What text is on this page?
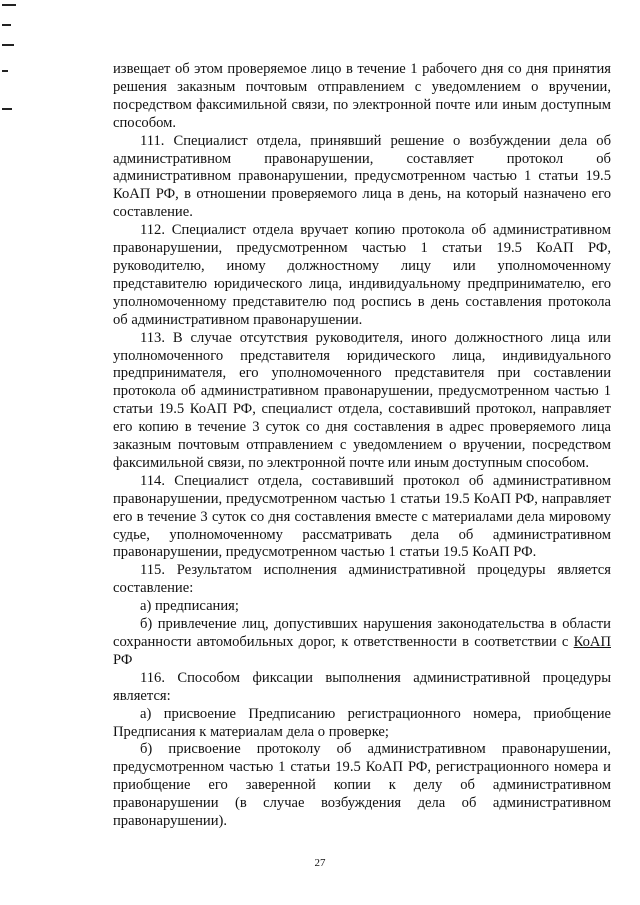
извещает об этом проверяемое лицо в течение 1 рабочего дня со дня принятия решения заказным почтовым отправлением с уведомлением о вручении, посредством факсимильной связи, по электронной почте или иным доступным способом.

111. Специалист отдела, принявший решение о возбуждении дела об административном правонарушении, составляет протокол об административном правонарушении, предусмотренном частью 1 статьи 19.5 КоАП РФ, в отношении проверяемого лица в день, на который назначено его составление.

112. Специалист отдела вручает копию протокола об административном правонарушении, предусмотренном частью 1 статьи 19.5 КоАП РФ, руководителю, иному должностному лицу или уполномоченному представителю юридического лица, индивидуальному предпринимателю, его уполномоченному представителю под роспись в день составления протокола об административном правонарушении.

113. В случае отсутствия руководителя, иного должностного лица или уполномоченного представителя юридического лица, индивидуального предпринимателя, его уполномоченного представителя при составлении протокола об административном правонарушении, предусмотренном частью 1 статьи 19.5 КоАП РФ, специалист отдела, составивший протокол, направляет его копию в течение 3 суток со дня составления в адрес проверяемого лица заказным почтовым отправлением с уведомлением о вручении, посредством факсимильной связи, по электронной почте или иным доступным способом.

114. Специалист отдела, составивший протокол об административном правонарушении, предусмотренном частью 1 статьи 19.5 КоАП РФ, направляет его в течение 3 суток со дня составления вместе с материалами дела мировому судье, уполномоченному рассматривать дела об административном правонарушении, предусмотренном частью 1 статьи 19.5 КоАП РФ.

115. Результатом исполнения административной процедуры является составление:

а) предписания;

б) привлечение лиц, допустивших нарушения законодательства в области сохранности автомобильных дорог, к ответственности в соответствии с КоАП РФ

116. Способом фиксации выполнения административной процедуры является:

а) присвоение Предписанию регистрационного номера, приобщение Предписания к материалам дела о проверке;

б) присвоение протоколу об административном правонарушении, предусмотренном частью 1 статьи 19.5 КоАП РФ, регистрационного номера и приобщение его заверенной копии к делу об административном правонарушении (в случае возбуждения дела об административном правонарушении).

27
